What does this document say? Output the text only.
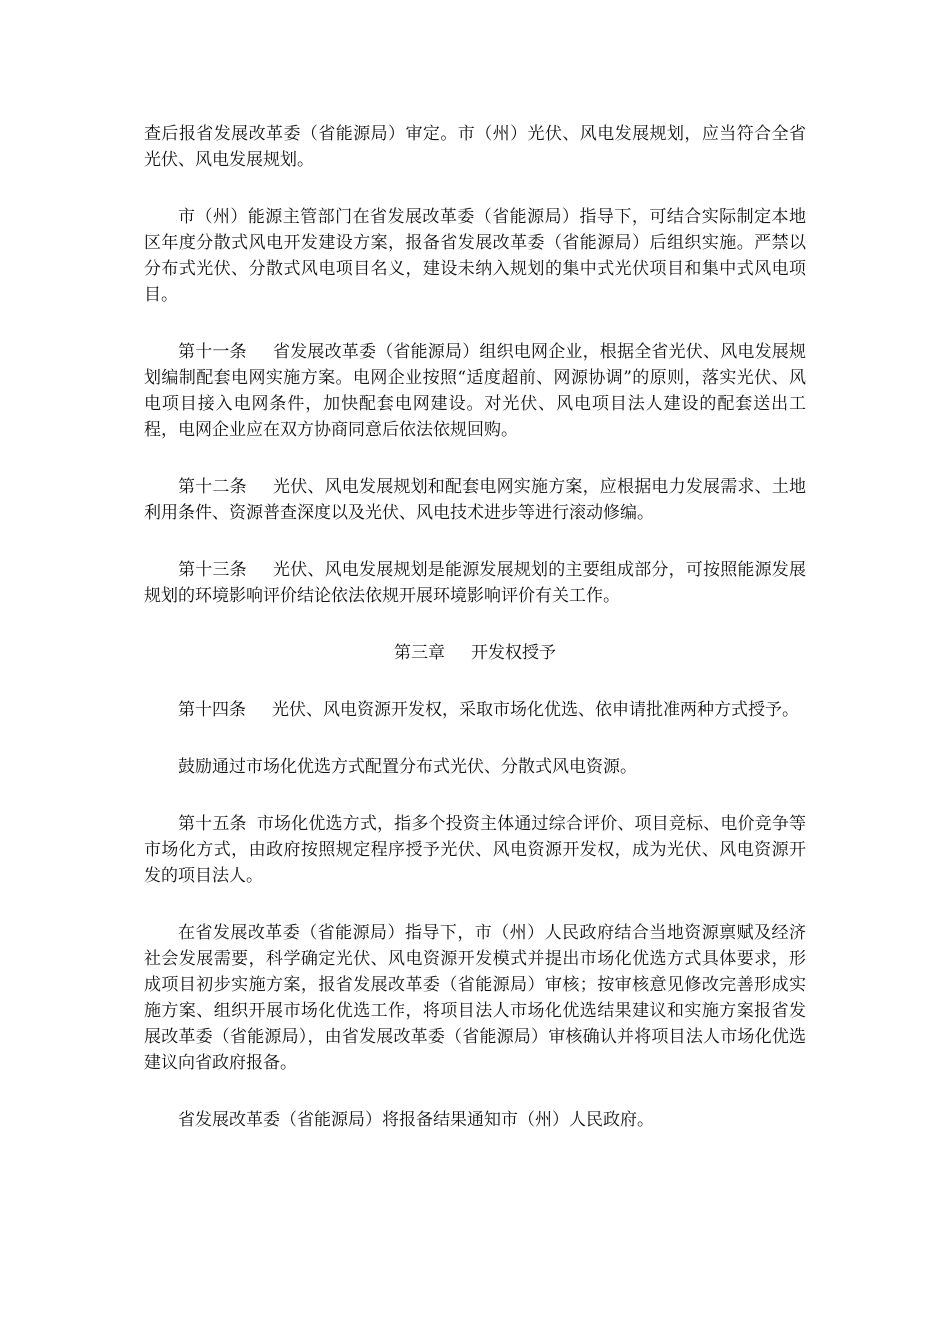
查后报省发展改革委（省能源局）审定。市（州）光伏、风电发展规划，应当符合全省光伏、风电发展规划。

市（州）能源主管部门在省发展改革委（省能源局）指导下，可结合实际制定本地区年度分散式风电开发建设方案，报备省发展改革委（省能源局）后组织实施。严禁以分布式光伏、分散式风电项目名义，建设未纳入规划的集中式光伏项目和集中式风电项目。

第十一条 省发展改革委（省能源局）组织电网企业，根据全省光伏、风电发展规划编制配套电网实施方案。电网企业按照“适度超前、网源协调”的原则，落实光伏、风电项目接入电网条件，加快配套电网建设。对光伏、风电项目法人建设的配套送出工程，电网企业应在双方协商同意后依法依规回购。

第十二条 光伏、风电发展规划和配套电网实施方案，应根据电力发展需求、土地利用条件、资源普查深度以及光伏、风电技术进步等进行滚动修编。

第十三条 光伏、风电发展规划是能源发展规划的主要组成部分，可按照能源发展规划的环境影响评价结论依法依规开展环境影响评价有关工作。

第三章 开发权授予

第十四条 光伏、风电资源开发权，采取市场化优选、依申请批准两种方式授予。

鼓励通过市场化优选方式配置分布式光伏、分散式风电资源。

第十五条 市场化优选方式，指多个投资主体通过综合评价、项目竞标、电价竞争等市场化方式，由政府按照规定程序授予光伏、风电资源开发权，成为光伏、风电资源开发的项目法人。

在省发展改革委（省能源局）指导下，市（州）人民政府结合当地资源禀赋及经济社会发展需要，科学确定光伏、风电资源开发模式并提出市场化优选方式具体要求，形成项目初步实施方案，报省发展改革委（省能源局）审核；按审核意见修改完善形成实施方案、组织开展市场化优选工作，将项目法人市场化优选结果建议和实施方案报省发展改革委（省能源局），由省发展改革委（省能源局）审核确认并将项目法人市场化优选建议向省政府报备。

省发展改革委（省能源局）将报备结果通知市（州）人民政府。
